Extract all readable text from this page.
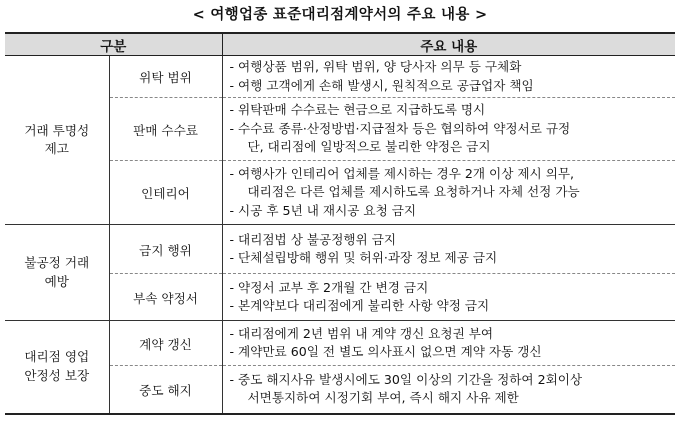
< 여행업종 표준대리점계약서의 주요 내용 >
구분		주요 내용

거래 투명성
제고	위탁 범위	- 여행상품 범위, 위탁 범위, 양 당사자 의무 등 구체화
- 여행 고객에게 손해 발생시, 원칙적으로 공급업자 책임

	판매 수수료	- 위탁판매 수수료는 현금으로 지급하도록 명시
- 수수료 종류·산정방법·지급절차 등은 협의하여 약정서로 규정
단, 대리점에 일방적으로 불리한 약정은 금지

	인테리어	- 여행사가 인테리어 업체를 제시하는 경우 2개 이상 제시 의무,
대리점은 다른 업체를 제시하도록 요청하거나 자체 선정 가능
- 시공 후 5년 내 재시공 요청 금지

불공정 거래
예방	금지 행위	- 대리점법 상 불공정행위 금지
- 단체설립방해 행위 및 허위·과장 정보 제공 금지

	부속 약정서	- 약정서 교부 후 2개월 간 변경 금지
- 본계약보다 대리점에게 불리한 사항 약정 금지

대리점 영업
안정성 보장	계약 갱신	- 대리점에게 2년 범위 내 계약 갱신 요청권 부여
- 계약만료 60일 전 별도 의사표시 없으면 계약 자동 갱신

	중도 해지	- 중도 해지사유 발생시에도 30일 이상의 기간을 정하여 2회이상
서면통지하여 시정기회 부여, 즉시 해지 사유 제한
